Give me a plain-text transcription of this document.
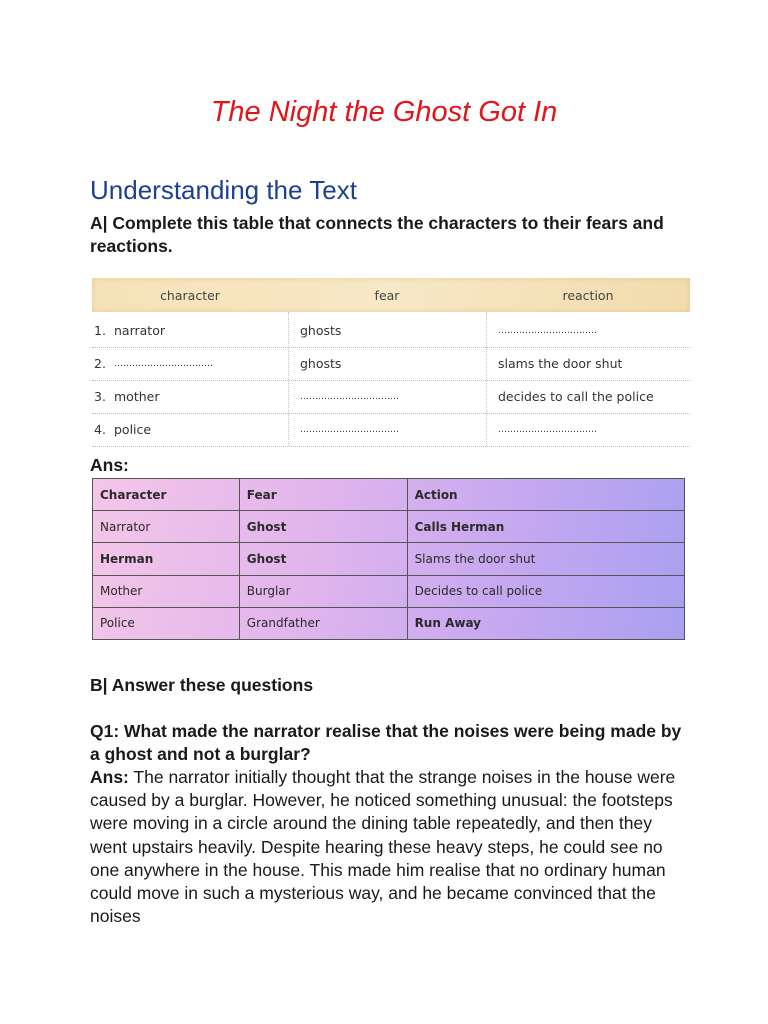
The Night the Ghost Got In
Understanding the Text
A| Complete this table that connects the characters to their fears and reactions.
character	fear	reaction
1. narrator	ghosts	……………………………
2. ……………………………	ghosts	slams the door shut
3. mother	……………………………	decides to call the police
4. police	……………………………	……………………………
Ans:
Character	Fear	Action
Narrator	Ghost	Calls Herman
Herman	Ghost	Slams the door shut
Mother	Burglar	Decides to call police
Police	Grandfather	Run Away
B| Answer these questions
Q1: What made the narrator realise that the noises were being made by a ghost and not a burglar?
Ans: The narrator initially thought that the strange noises in the house were caused by a burglar. However, he noticed something unusual: the footsteps were moving in a circle around the dining table repeatedly, and then they went upstairs heavily. Despite hearing these heavy steps, he could see no one anywhere in the house. This made him realise that no ordinary human could move in such a mysterious way, and he became convinced that the noises
